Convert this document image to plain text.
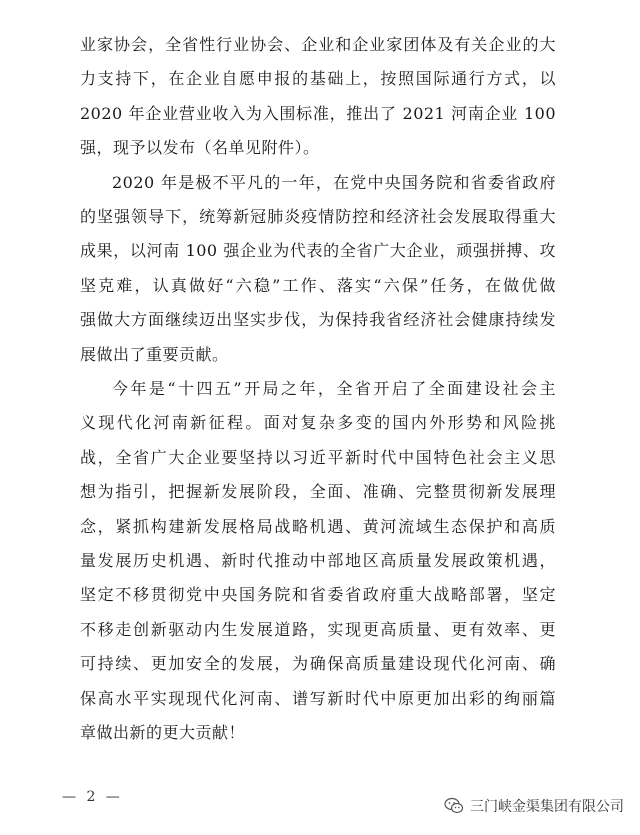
业家协会，全省性行业协会、企业和企业家团体及有关企业的大
力支持下，在企业自愿申报的基础上，按照国际通行方式，以
2020 年企业营业收入为入围标准，推出了 2021 河南企业 100
强，现予以发布（名单见附件）。
2020 年是极不平凡的一年，在党中央国务院和省委省政府
的坚强领导下，统筹新冠肺炎疫情防控和经济社会发展取得重大
成果，以河南 100 强企业为代表的全省广大企业，顽强拼搏、攻
坚克难，认真做好“六稳”工作、落实“六保”任务，在做优做
强做大方面继续迈出坚实步伐，为保持我省经济社会健康持续发
展做出了重要贡献。
今年是“十四五”开局之年，全省开启了全面建设社会主
义现代化河南新征程。面对复杂多变的国内外形势和风险挑
战，全省广大企业要坚持以习近平新时代中国特色社会主义思
想为指引，把握新发展阶段，全面、准确、完整贯彻新发展理
念，紧抓构建新发展格局战略机遇、黄河流域生态保护和高质
量发展历史机遇、新时代推动中部地区高质量发展政策机遇，
坚定不移贯彻党中央国务院和省委省政府重大战略部署，坚定
不移走创新驱动内生发展道路，实现更高质量、更有效率、更
可持续、更加安全的发展，为确保高质量建设现代化河南、确
保高水平实现现代化河南、谱写新时代中原更加出彩的绚丽篇
章做出新的更大贡献！
— 2 —
三门峡金渠集团有限公司
